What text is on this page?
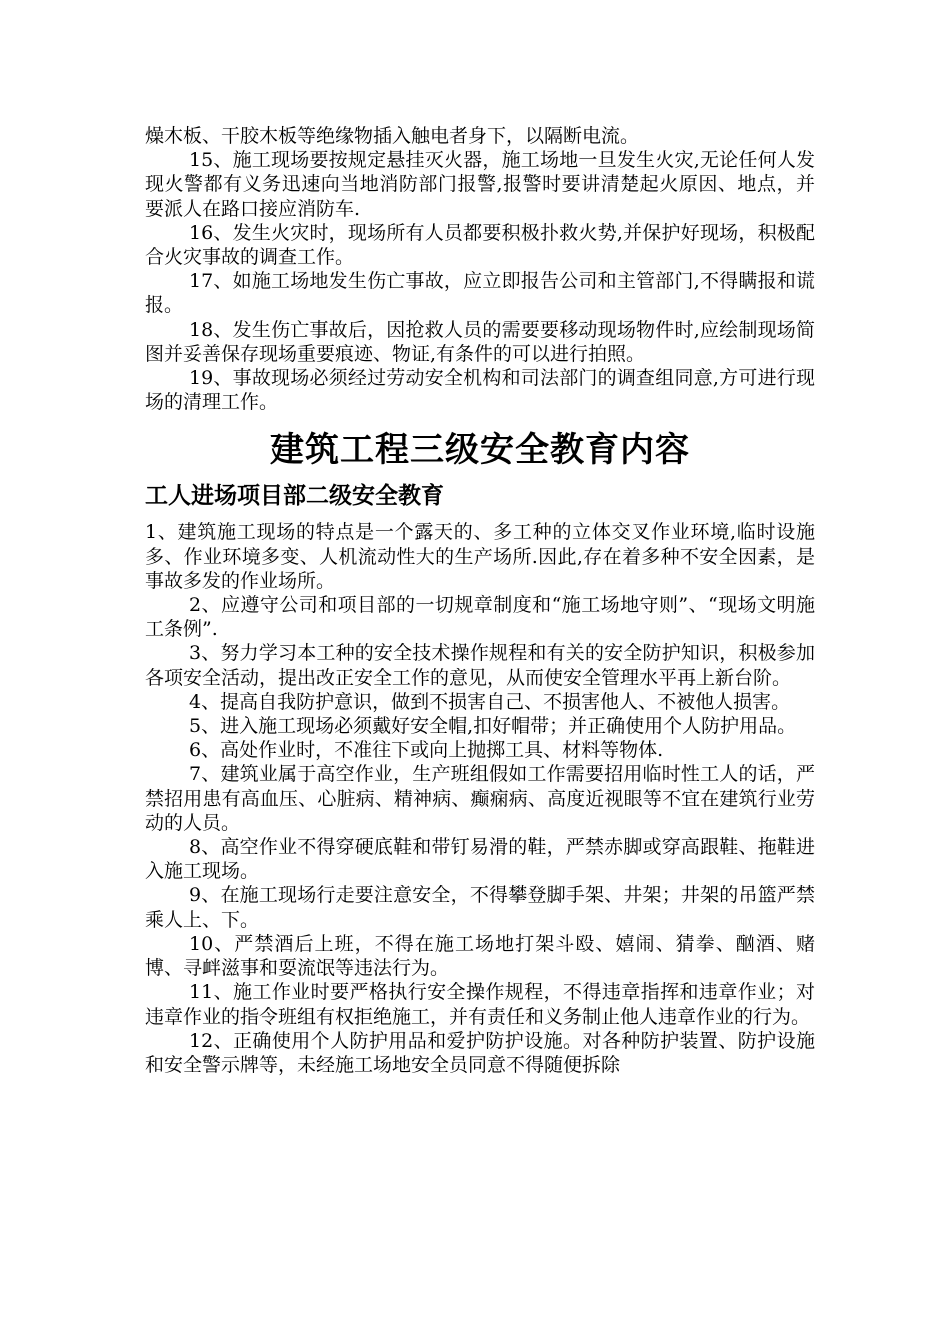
燥木板、干胶木板等绝缘物插入触电者身下，以隔断电流。

15、施工现场要按规定悬挂灭火器，施工场地一旦发生火灾,无论任何人发现火警都有义务迅速向当地消防部门报警,报警时要讲清楚起火原因、地点，并要派人在路口接应消防车.

16、发生火灾时，现场所有人员都要积极扑救火势,并保护好现场，积极配合火灾事故的调查工作。

17、如施工场地发生伤亡事故，应立即报告公司和主管部门,不得瞒报和谎报。

18、发生伤亡事故后，因抢救人员的需要要移动现场物件时,应绘制现场简图并妥善保存现场重要痕迹、物证,有条件的可以进行拍照。

19、事故现场必须经过劳动安全机构和司法部门的调查组同意,方可进行现场的清理工作。

建筑工程三级安全教育内容
工人进场项目部二级安全教育

1、建筑施工现场的特点是一个露天的、多工种的立体交叉作业环境,临时设施多、作业环境多变、人机流动性大的生产场所.因此,存在着多种不安全因素，是事故多发的作业场所。

2、应遵守公司和项目部的一切规章制度和“施工场地守则”、“现场文明施工条例”.

3、努力学习本工种的安全技术操作规程和有关的安全防护知识，积极参加各项安全活动，提出改正安全工作的意见，从而使安全管理水平再上新台阶。

4、提高自我防护意识，做到不损害自己、不损害他人、不被他人损害。

5、进入施工现场必须戴好安全帽,扣好帽带；并正确使用个人防护用品。

6、高处作业时，不准往下或向上抛掷工具、材料等物体.

7、建筑业属于高空作业，生产班组假如工作需要招用临时性工人的话，严禁招用患有高血压、心脏病、精神病、癫痫病、高度近视眼等不宜在建筑行业劳动的人员。

8、高空作业不得穿硬底鞋和带钉易滑的鞋，严禁赤脚或穿高跟鞋、拖鞋进入施工现场。

9、在施工现场行走要注意安全，不得攀登脚手架、井架；井架的吊篮严禁乘人上、下。

10、严禁酒后上班，不得在施工场地打架斗殴、嬉闹、猜拳、酗酒、赌博、寻衅滋事和耍流氓等违法行为。

11、施工作业时要严格执行安全操作规程，不得违章指挥和违章作业；对违章作业的指令班组有权拒绝施工，并有责任和义务制止他人违章作业的行为。

12、正确使用个人防护用品和爱护防护设施。对各种防护装置、防护设施和安全警示牌等，未经施工场地安全员同意不得随便拆除
